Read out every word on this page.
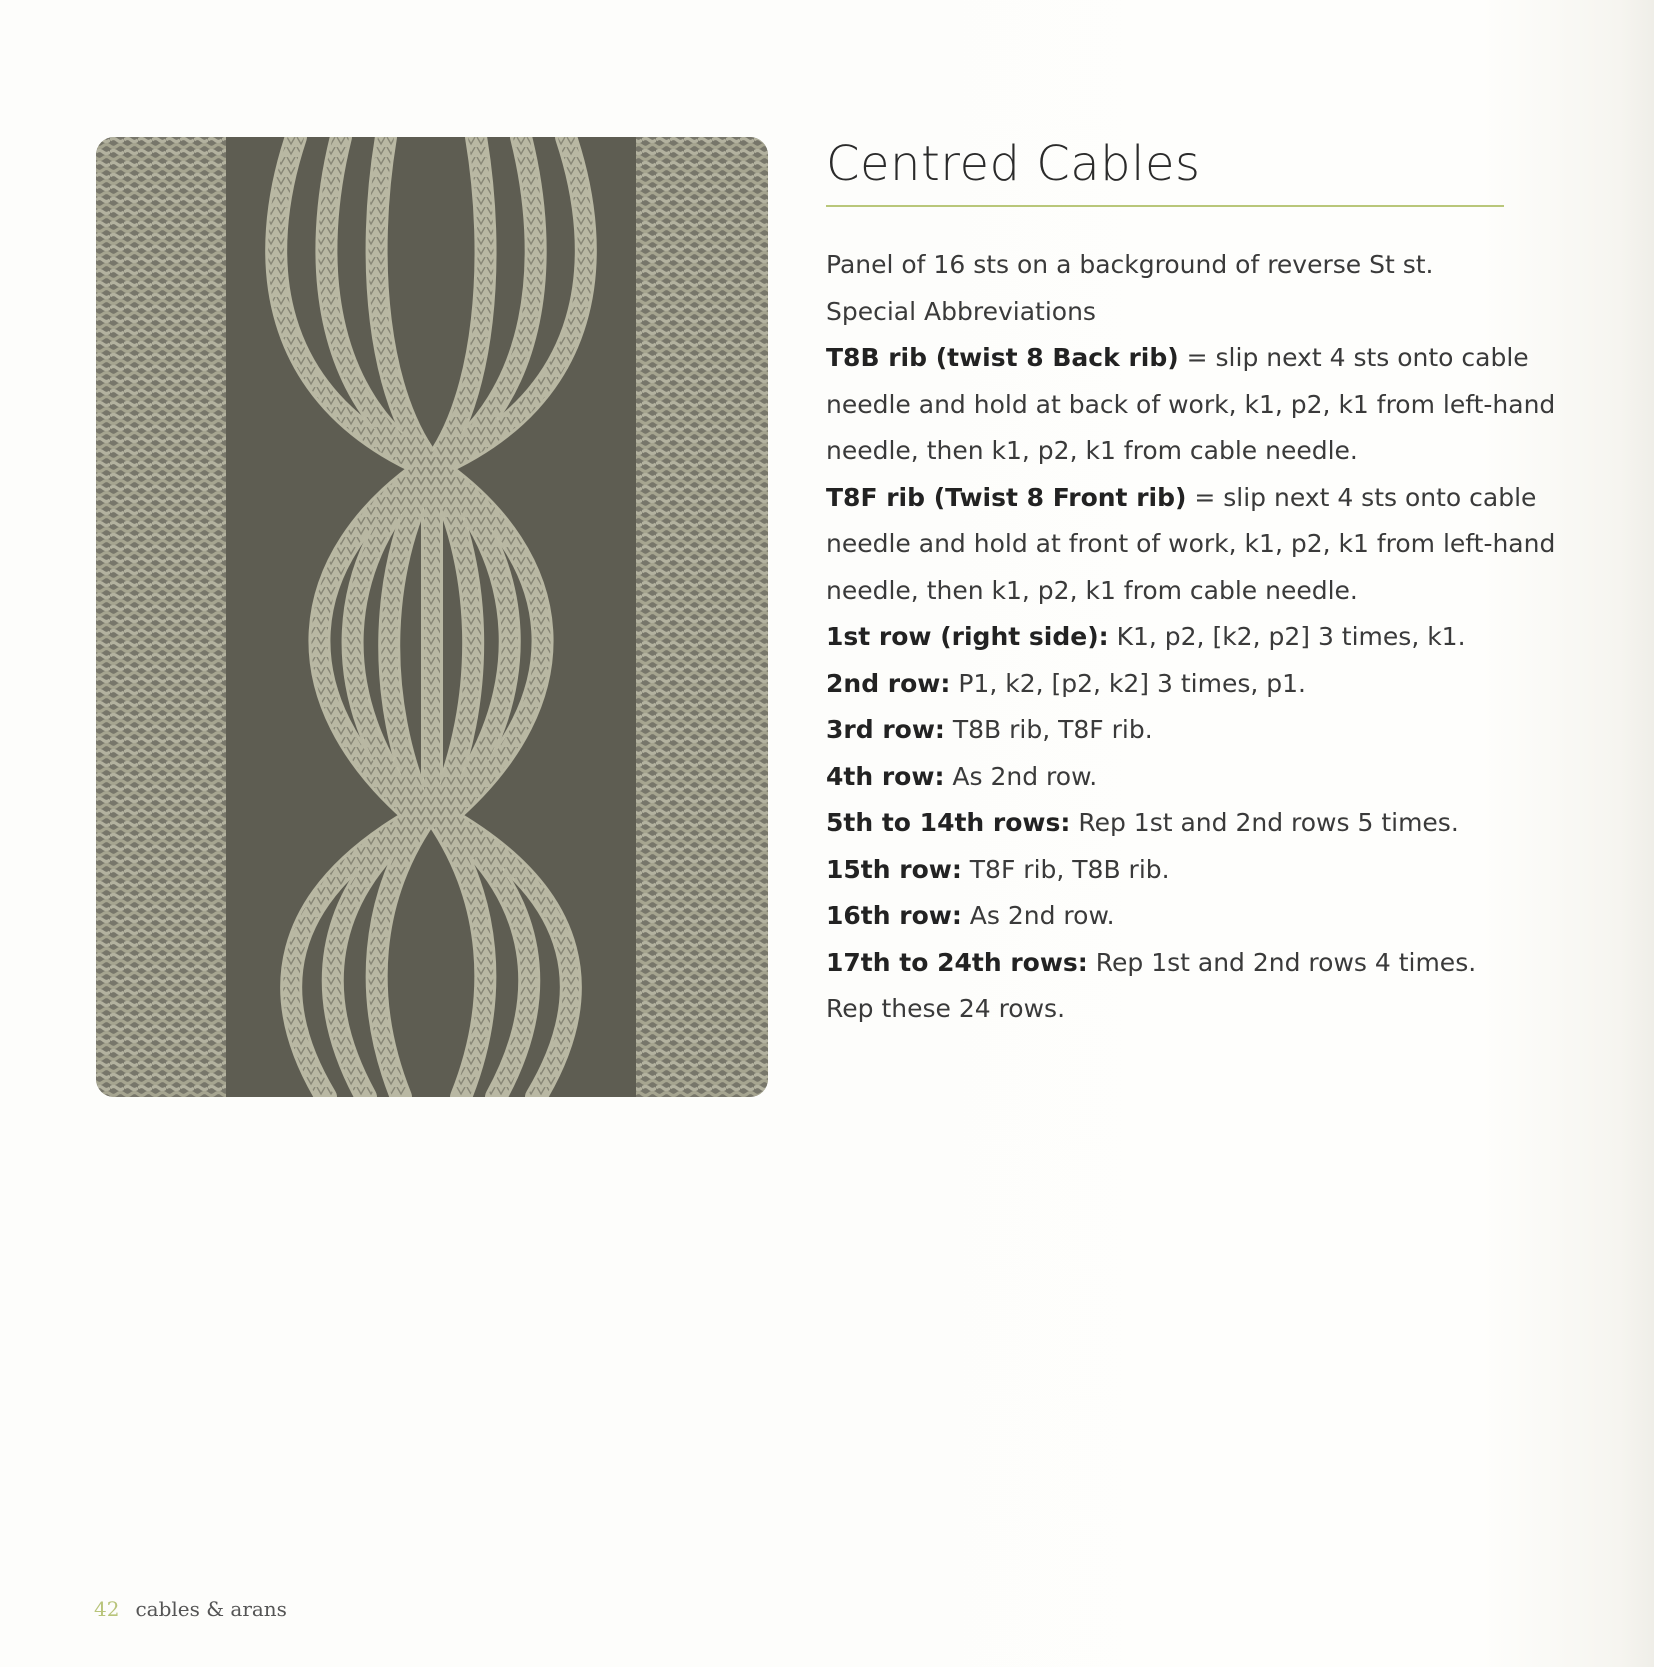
Centred Cables

Panel of 16 sts on a background of reverse St st.

Special Abbreviations

T8B rib (twist 8 Back rib) = slip next 4 sts onto cable

needle and hold at back of work, k1, p2, k1 from left-hand

needle, then k1, p2, k1 from cable needle.

T8F rib (Twist 8 Front rib) = slip next 4 sts onto cable

needle and hold at front of work, k1, p2, k1 from left-hand

needle, then k1, p2, k1 from cable needle.

1st row (right side): K1, p2, [k2, p2] 3 times, k1.

2nd row: P1, k2, [p2, k2] 3 times, p1.

3rd row: T8B rib, T8F rib.

4th row: As 2nd row.

5th to 14th rows: Rep 1st and 2nd rows 5 times.

15th row: T8F rib, T8B rib.

16th row: As 2nd row.

17th to 24th rows: Rep 1st and 2nd rows 4 times.

Rep these 24 rows.

42 cables & arans
